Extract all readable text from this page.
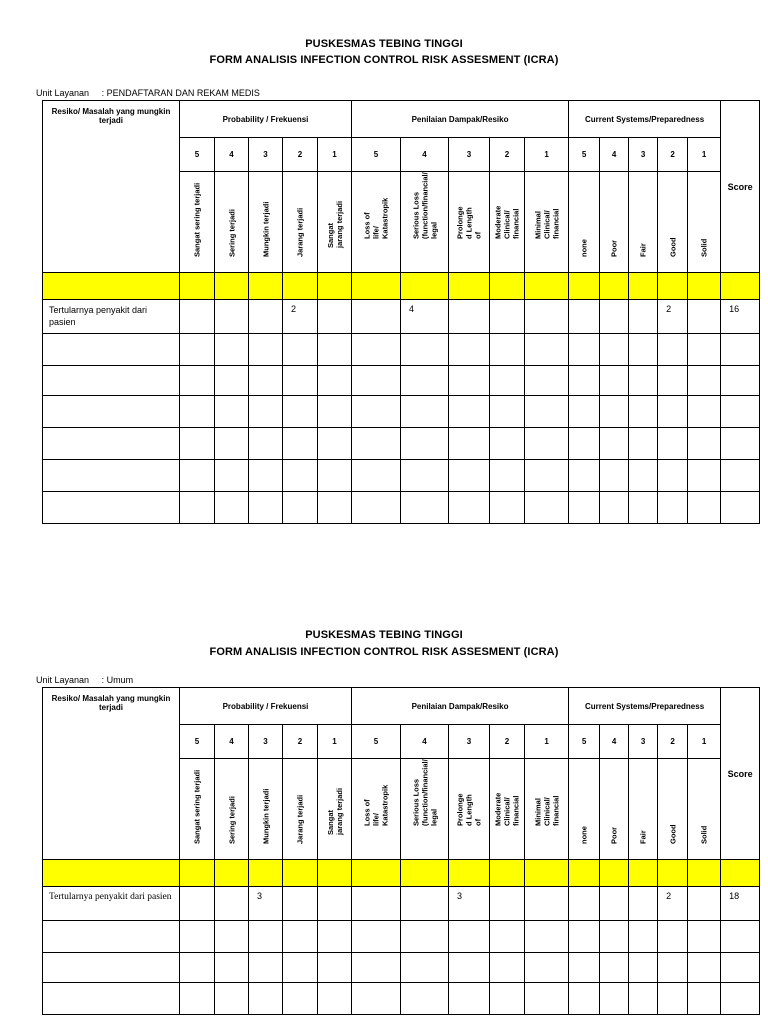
PUSKESMAS TEBING TINGGI
FORM ANALISIS INFECTION CONTROL RISK ASSESMENT (ICRA)
Unit Layanan : PENDAFTARAN DAN REKAM MEDIS
Resiko/ Masalah yang mungkin terjadi	Probability / Frekuensi					Penilaian Dampak/Resiko					Current Systems/Preparedness					Score
	5	4	3	2	1	5	4	3	2	1	5	4	3	2	1	

	Sangat sering terjadi	Sering terjadi	Mungkin terjadi	Jarang terjadi	Sangat
jarang terjadi	Loss of
life/
Katastropik	Serious Loss
(function/financial/
legal	Prolonge
d Length
of	Moderate
Clinical/
financial	Minimal
Clinical/
financial	none	Poor	Fair	Good	Solid	

Tertularnya penyakit dari pasien				2			4							2		16

PUSKESMAS TEBING TINGGI
FORM ANALISIS INFECTION CONTROL RISK ASSESMENT (ICRA)
Unit Layanan : Umum
Resiko/ Masalah yang mungkin terjadi	Probability / Frekuensi					Penilaian Dampak/Resiko					Current Systems/Preparedness					Score
	5	4	3	2	1	5	4	3	2	1	5	4	3	2	1	

	Sangat sering terjadi	Sering terjadi	Mungkin terjadi	Jarang terjadi	Sangat
jarang terjadi	Loss of
life/
Katastropik	Serious Loss
(function/financial/
legal	Prolonge
d Length
of	Moderate
Clinical/
financial	Minimal
Clinical/
financial	none	Poor	Fair	Good	Solid	

Tertularnya penyakit dari pasien			3					3						2		18
